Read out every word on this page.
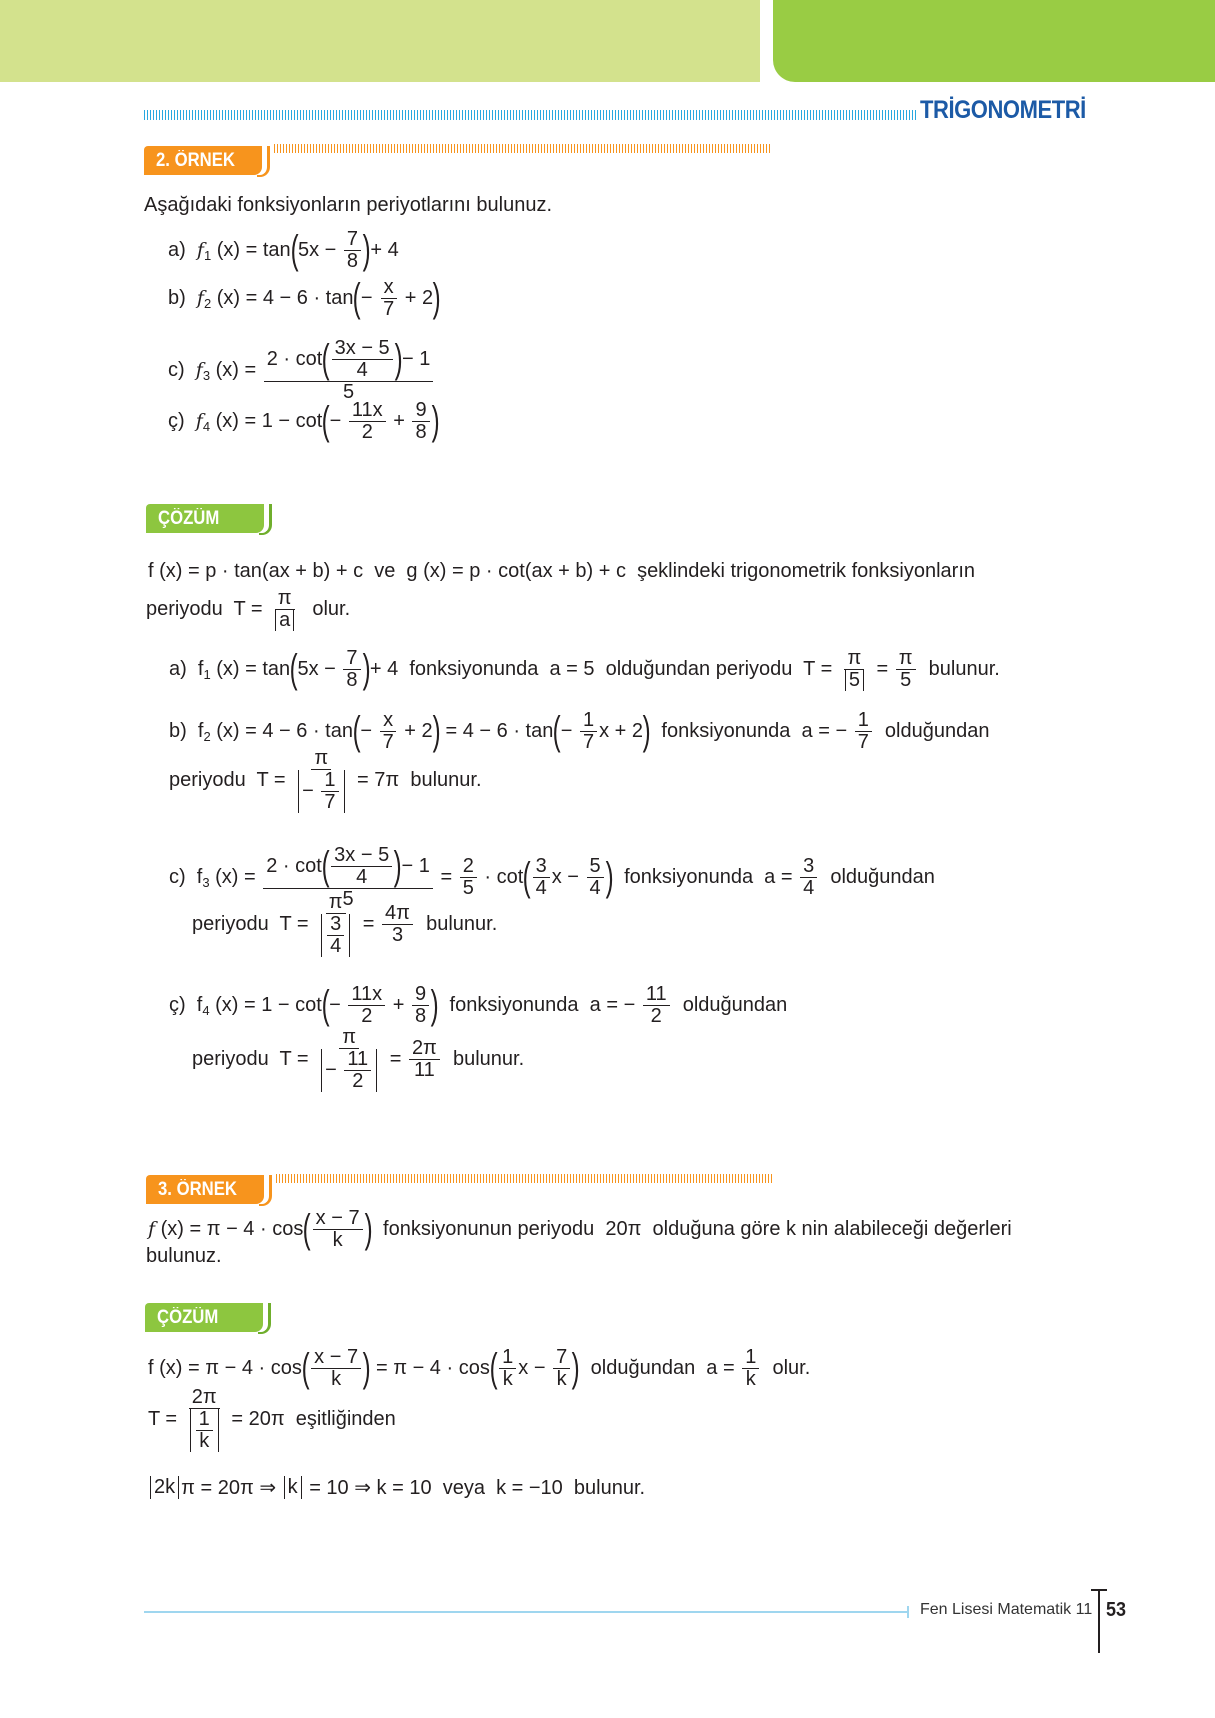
TRİGONOMETRİ
2. ÖRNEK
Aşağıdaki fonksiyonların periyotlarını bulunuz.
a) f 1 (x) = tan ( $5x - \frac{7}{8}$ ) + 4
b) f 2 (x) = 4 − 6 · tan ( − $\frac{x}{7} + 2$ )
c) f 3 $(x) = \frac{2 \cdot \cot ( \frac{3x - 5}{4} ) - 1}{5}$
ç) f 4 (x) = 1 − cot ( − $\frac{11x}{2} + \frac{9}{8}$ )
ÇÖZÜM
f (x) = p · tan(ax + b) + c  ve  g (x) = p · cot(ax + b) + c  şeklindeki trigonometrik fonksiyonların
periyodu  $T = \frac{\pi}{a}$ olur.
a)  f 1 (x) = tan ( $5x - \frac{7}{8}$ ) + 4  fonksiyonunda  a = 5  olduğundan periyodu  $T = \frac{\pi}{5} = \frac{\pi}{5}$ bulunur.
b)  f 2 (x) = 4 − 6 · tan ( − $\frac{x}{7} + 2$ ) = 4 − 6 · tan ( − $\frac{1}{7}$ x + 2 ) fonksiyonunda  a = − $\frac{1}{7}$ olduğundan
periyodu  $T = \frac{\pi}{- \frac{1}{7}} = 7\pi$  bulunur.
c)  f 3 $(x) = \frac{2 \cdot \cot ( \frac{3x - 5}{4} ) - 1}{5} = \frac{2}{5} \cdot \cot$ ( $\frac{3}{4}$ $x - \frac{5}{4}$ ) fonksiyonunda  $a = \frac{3}{4}$ olduğundan
periyodu  $T = \frac{\pi}{\frac{3}{4}} = \frac{4\pi}{3}$ bulunur.
ç)  f 4 (x) = 1 − cot ( − $\frac{11x}{2} + \frac{9}{8}$ ) fonksiyonunda  a = − $\frac{11}{2}$ olduğundan
periyodu  $T = \frac{\pi}{- \frac{11}{2}} = \frac{2\pi}{11}$ bulunur.
3. ÖRNEK
f (x) = π − 4 · cos ( $\frac{x - 7}{k}$ ) fonksiyonunun periyodu  20π  olduğuna göre k nin alabileceği değerleri
bulunuz.
ÇÖZÜM
f (x) = π − 4 · cos ( $\frac{x - 7}{k}$ ) = π − 4 · cos ( $\frac{1}{k}$ $x - \frac{7}{k}$ ) olduğundan  $a = \frac{1}{k}$ olur.
$T = \frac{2\pi}{\frac{1}{k}} = 20\pi$  eşitliğinden
2k π = 20π ⇒ k = 10 ⇒ k = 10  veya  k = −10  bulunur.
Fen Lisesi Matematik 11 53
